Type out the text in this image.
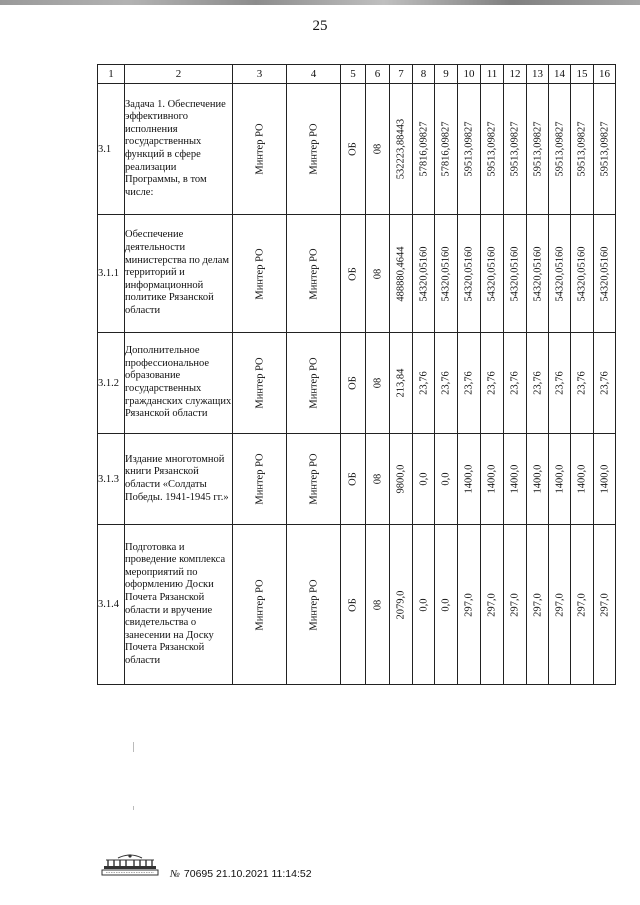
25
1	2	3	4	5	6	7	8	9	10	11	12	13	14	15	16
3.1	Задача 1. Обеспечение эффективного исполнения государственных функций в сфере реализации Программы, в том числе:	Минтер РО	Минтер РО	ОБ	08	532223,88443	57816,09827	57816,09827	59513,09827	59513,09827	59513,09827	59513,09827	59513,09827	59513,09827	59513,09827

3.1.1	Обеспечение деятельности министерства по делам территорий и информационной политике Рязанской области	Минтер РО	Минтер РО	ОБ	08	488880,4644	54320,05160	54320,05160	54320,05160	54320,05160	54320,05160	54320,05160	54320,05160	54320,05160	54320,05160

3.1.2	Дополнительное профессиональное образование государственных гражданских служащих Рязанской области	Минтер РО	Минтер РО	ОБ	08	213,84	23,76	23,76	23,76	23,76	23,76	23,76	23,76	23,76	23,76

3.1.3	Издание многотомной книги Рязанской области «Солдаты Победы. 1941-1945 гг.»	Минтер РО	Минтер РО	ОБ	08	9800,0	0,0	0,0	1400,0	1400,0	1400,0	1400,0	1400,0	1400,0	1400,0

3.1.4	Подготовка и проведение комплекса мероприятий по оформлению Доски Почета Рязанской области и вручение свидетельства о занесении на Доску Почета Рязанской области	Минтер РО	Минтер РО	ОБ	08	2079,0	0,0	0,0	297,0	297,0	297,0	297,0	297,0	297,0	297,0
№ 70695 21.10.2021 11:14:52
